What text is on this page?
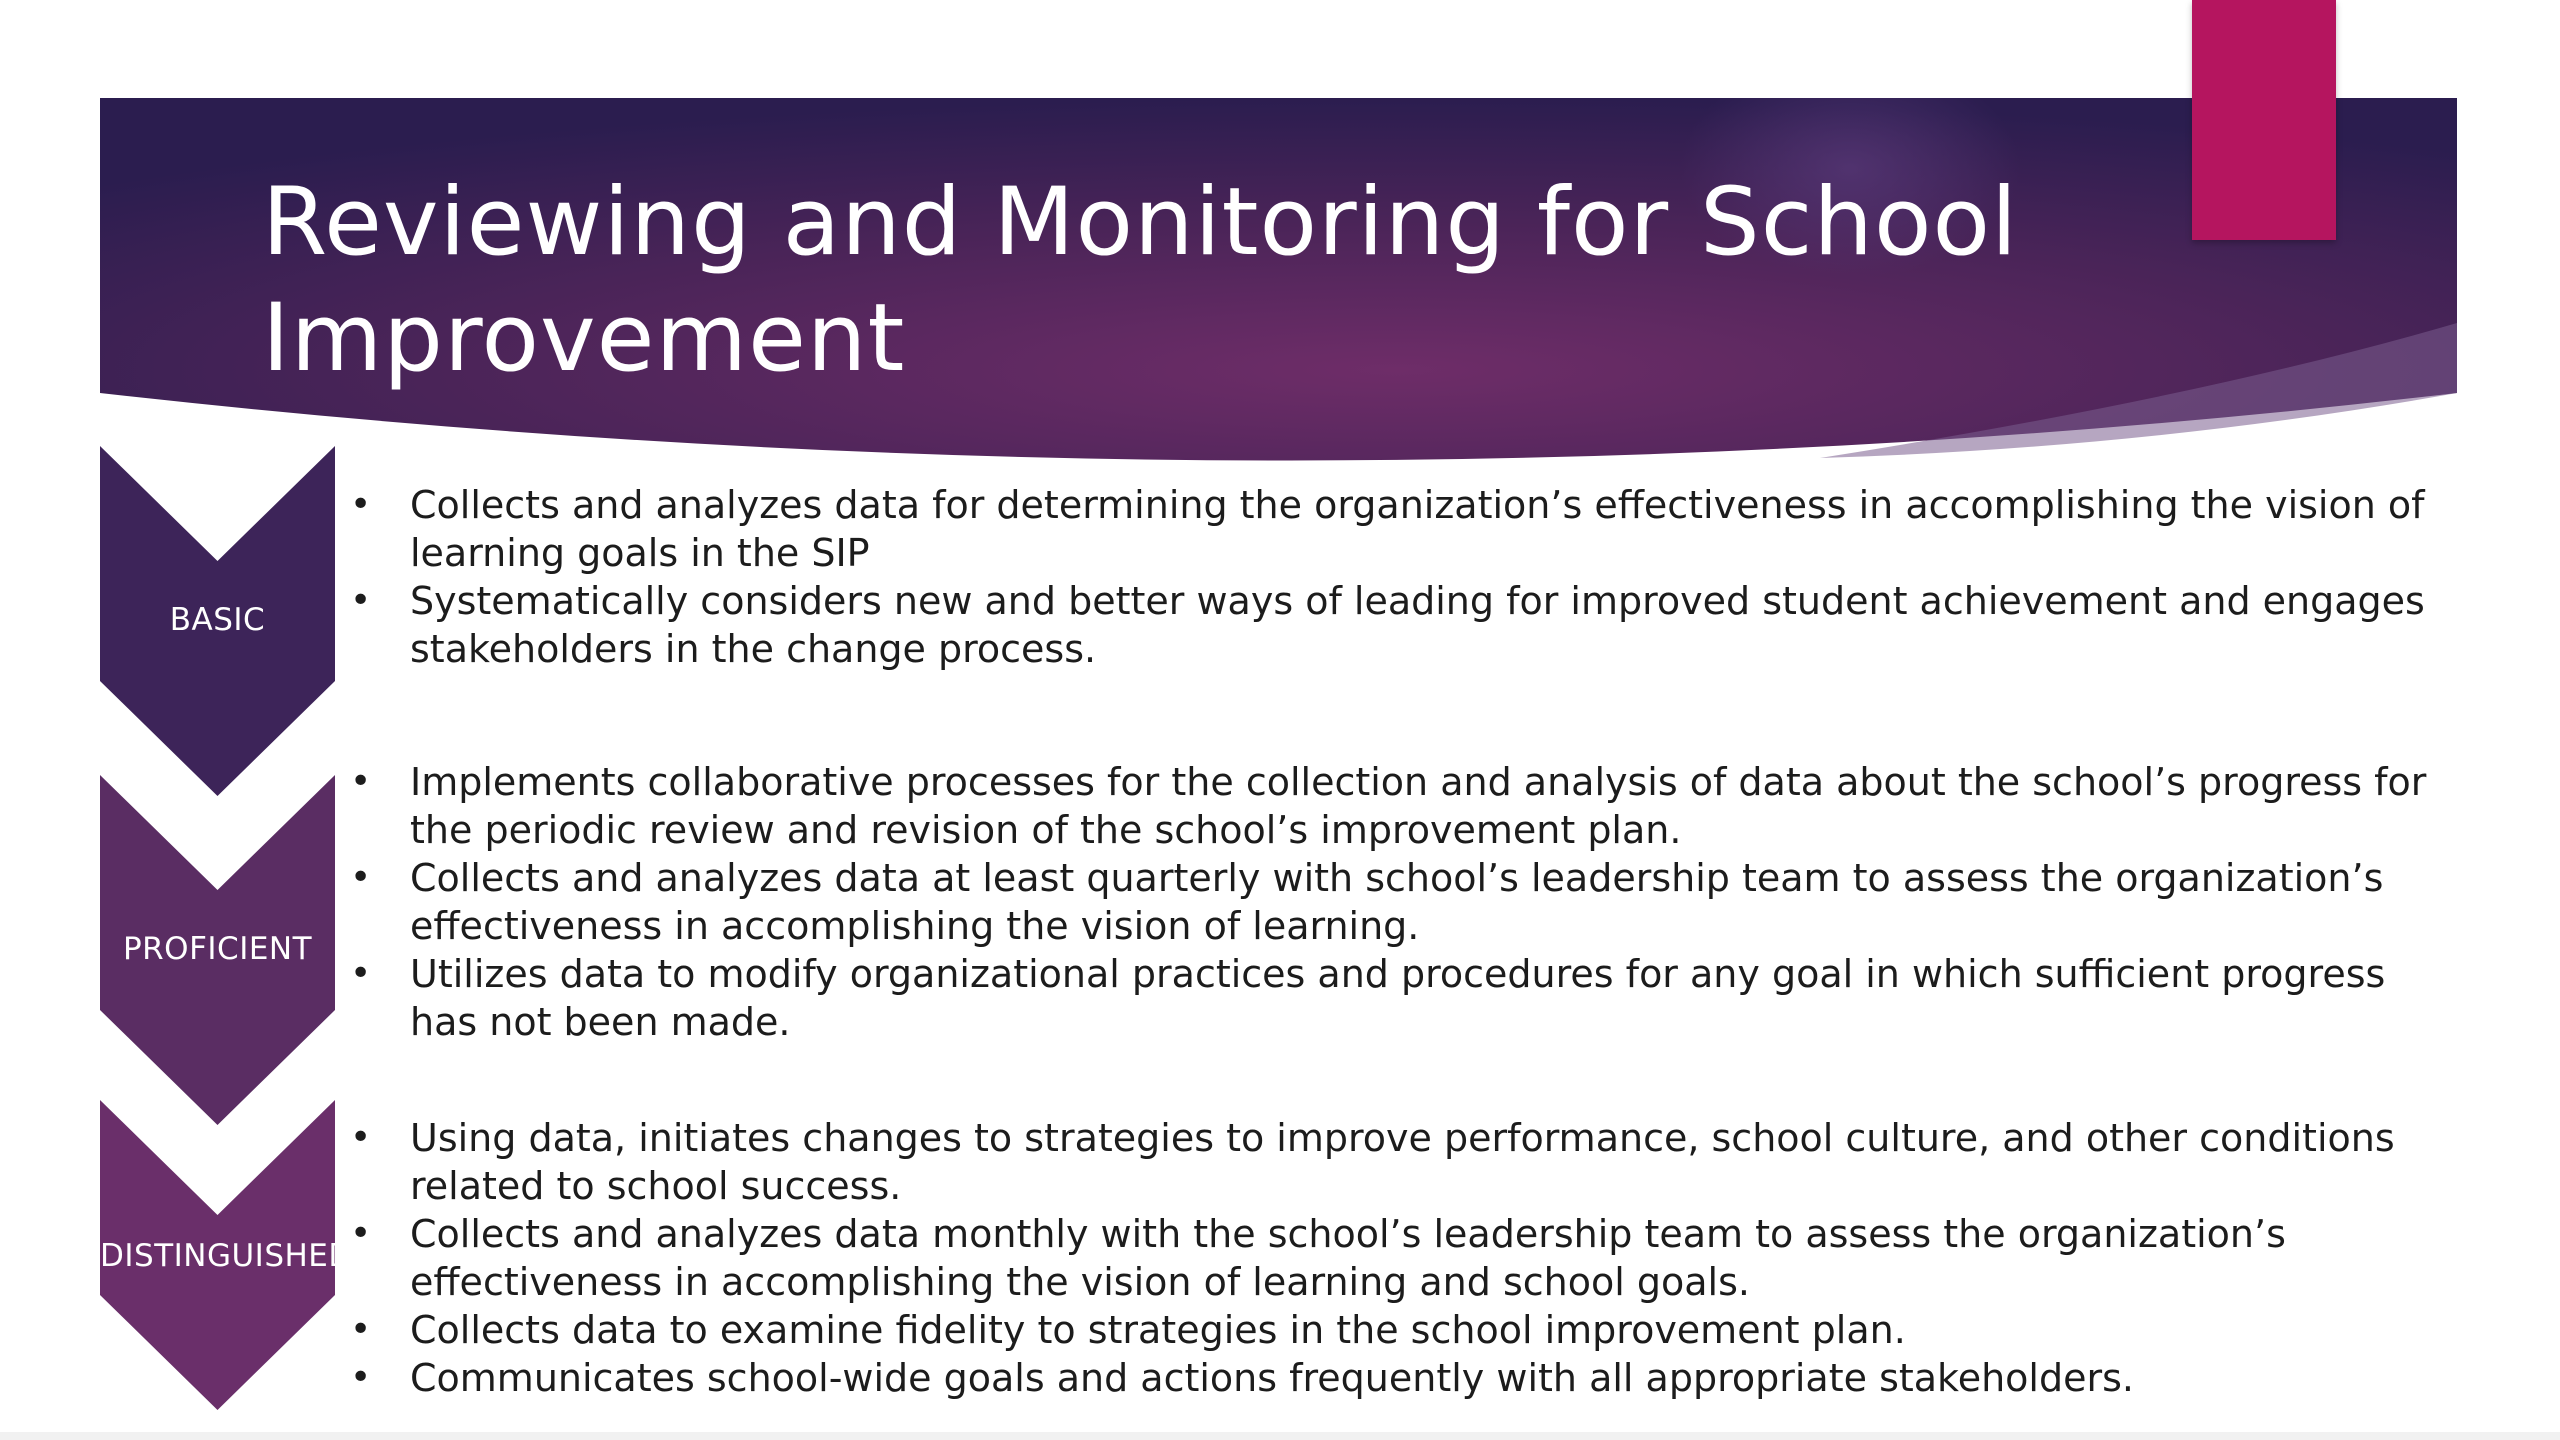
Reviewing and Monitoring for School Improvement
BASIC
PROFICIENT
DISTINGUISHED
• Collects and analyzes data for determining the organization’s effectiveness in accomplishing the vision of learning goals in the SIP
• Systematically considers new and better ways of leading for improved student achievement and engages stakeholders in the change process.
• Implements collaborative processes for the collection and analysis of data about the school’s progress for the periodic review and revision of the school’s improvement plan.
• Collects and analyzes data at least quarterly with school’s leadership team to assess the organization’s effectiveness in accomplishing the vision of learning.
• Utilizes data to modify organizational practices and procedures for any goal in which sufficient progress has not been made.
• Using data, initiates changes to strategies to improve performance, school culture, and other conditions related to school success.
• Collects and analyzes data monthly with the school’s leadership team to assess the organization’s effectiveness in accomplishing the vision of learning and school goals.
• Collects data to examine fidelity to strategies in the school improvement plan.
• Communicates school-wide goals and actions frequently with all appropriate stakeholders.
